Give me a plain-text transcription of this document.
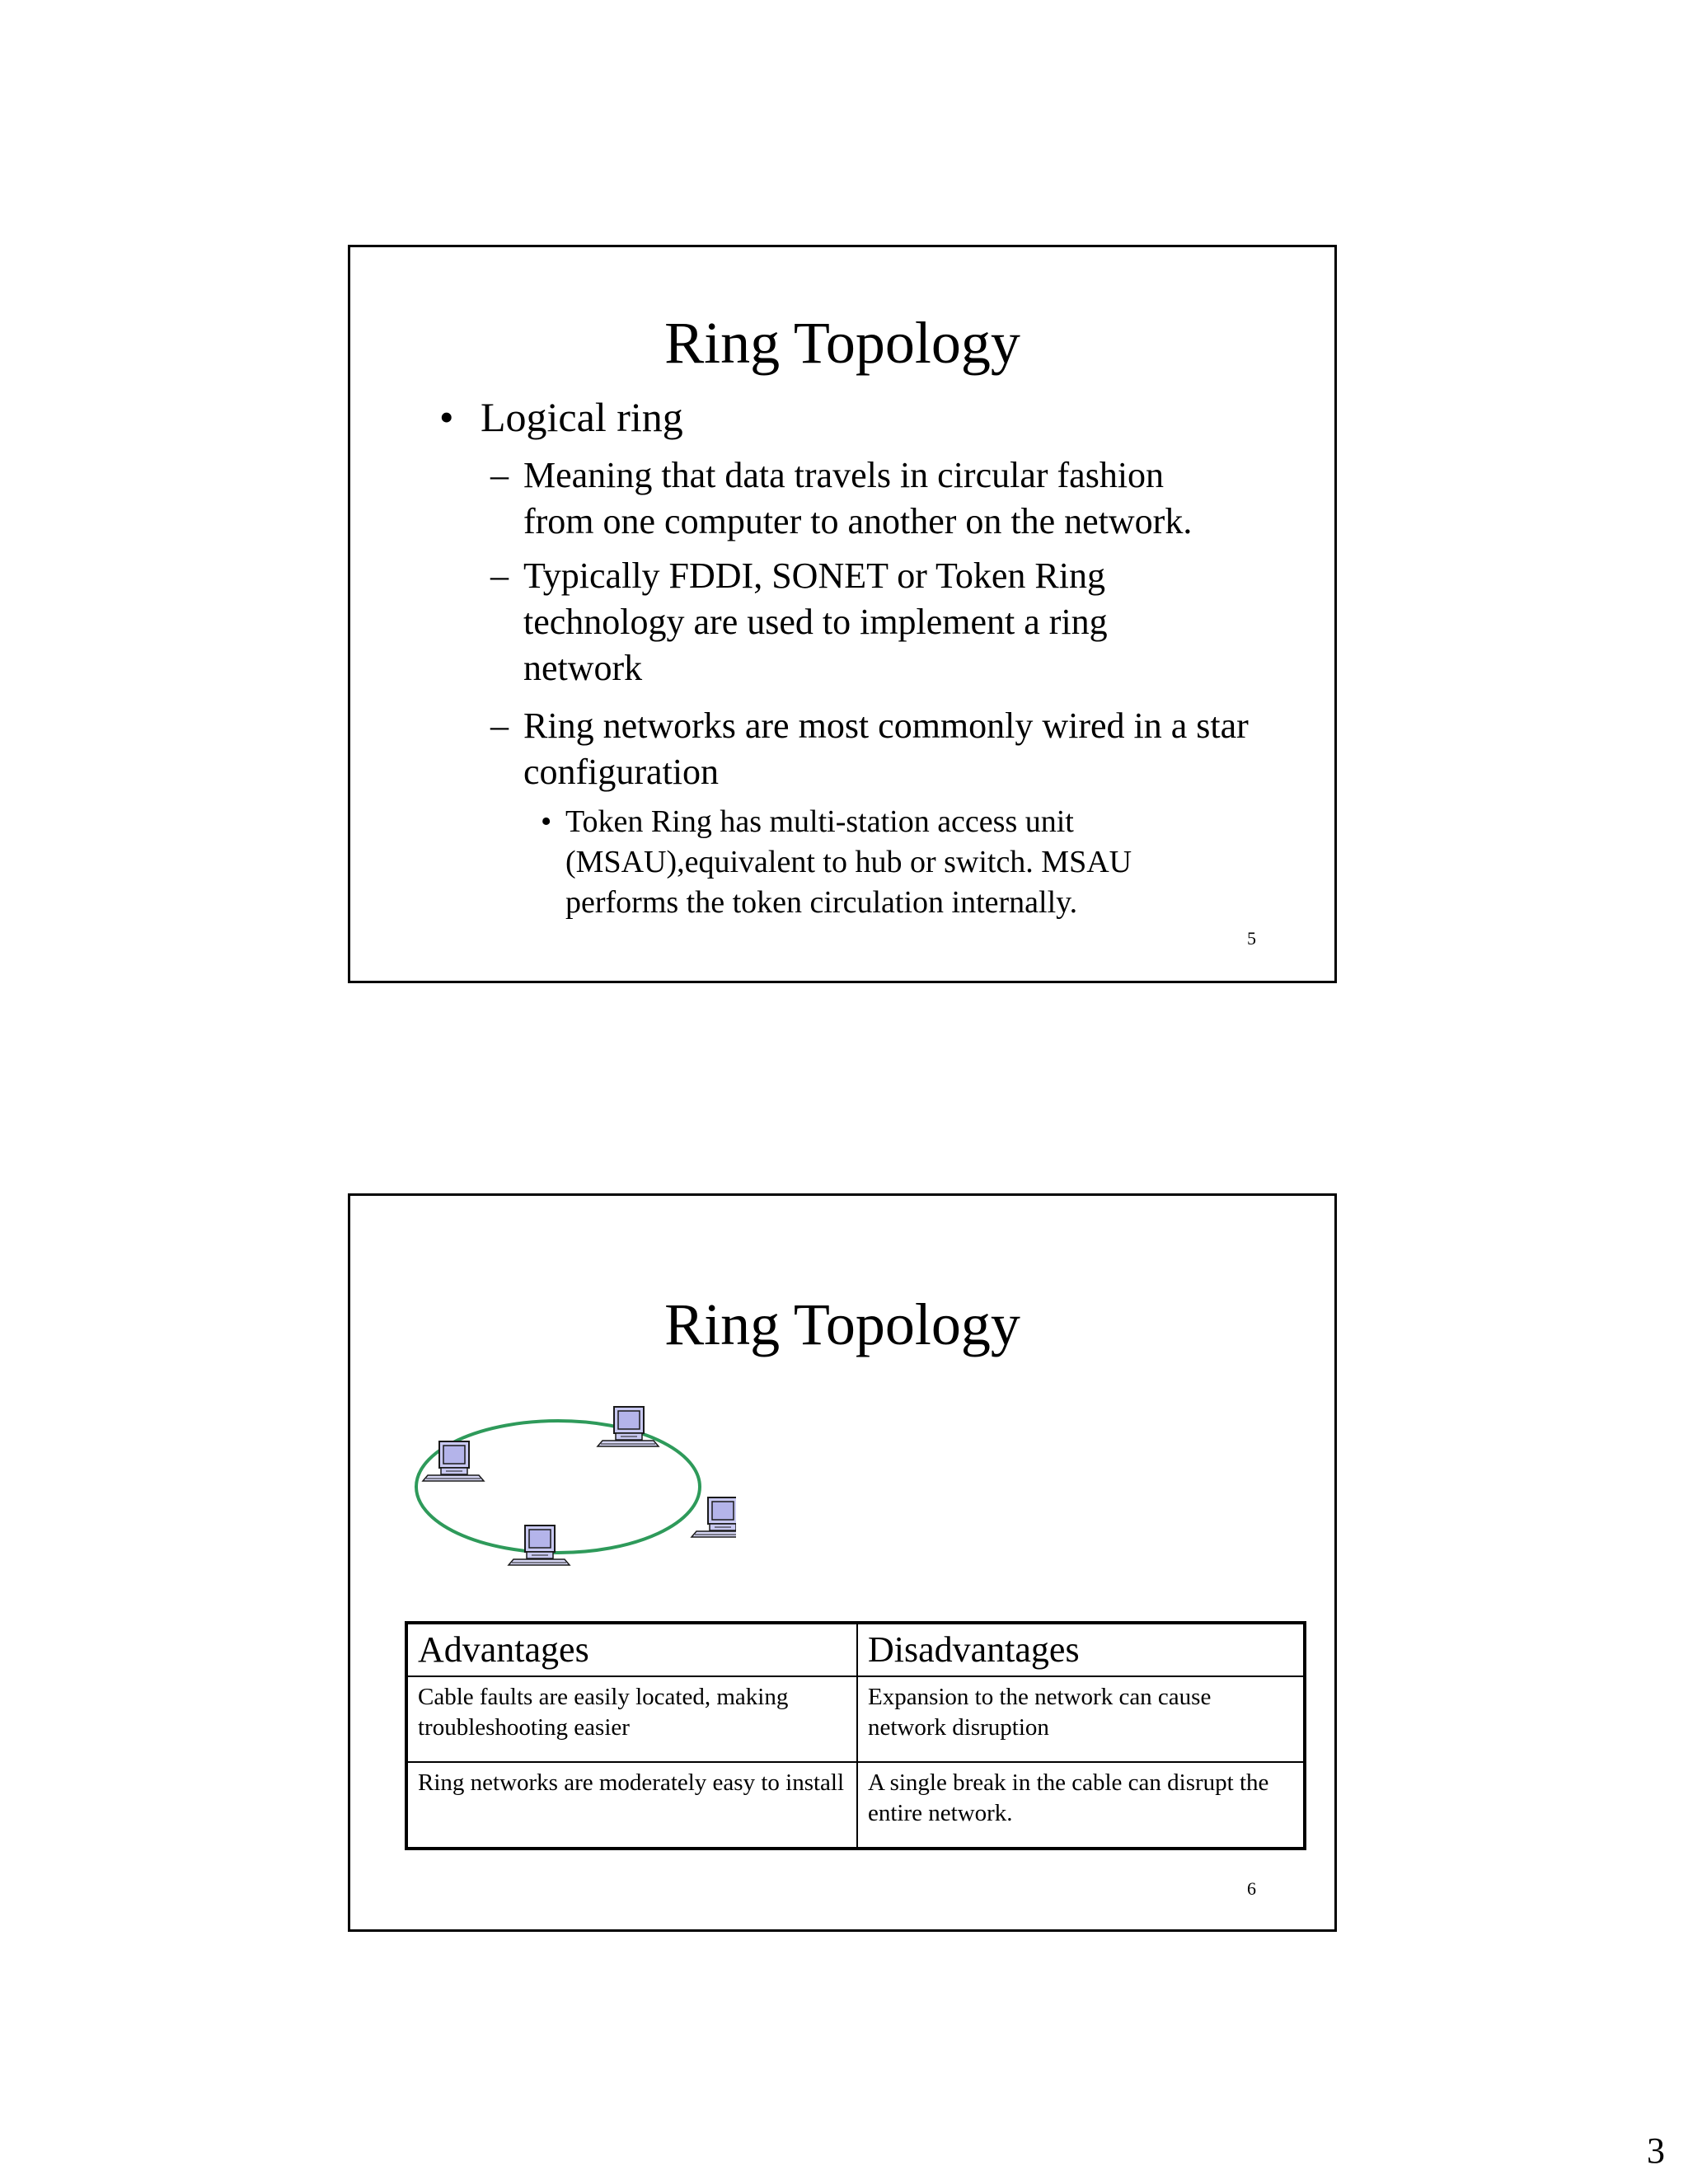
Ring Topology
• Logical ring
– Meaning that data travels in circular fashion from one computer to another on the network.
– Typically FDDI, SONET or Token Ring technology are used to implement a ring network
– Ring networks are most commonly wired in a star configuration
• Token Ring has multi-station access unit (MSAU),equivalent to hub or switch. MSAU performs the token circulation internally.
5
Ring Topology
Advantages	Disadvantages
Cable faults are easily located, making troubleshooting easier	Expansion to the network can cause network disruption
Ring networks are moderately easy to install	A single break in the cable can disrupt the entire network.
6
3
